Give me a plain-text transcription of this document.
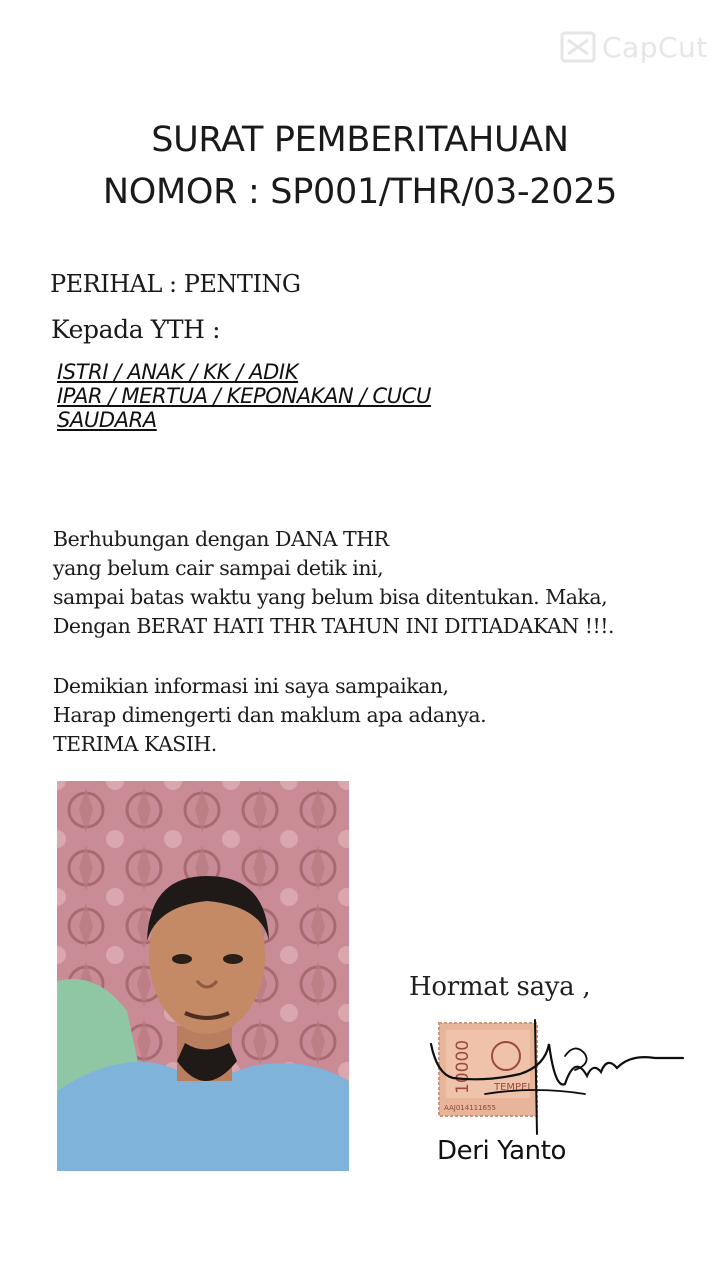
CapCut
SURAT PEMBERITAHUAN
NOMOR : SP001/THR/03-2025
PERIHAL : PENTING
Kepada YTH :
ISTRI / ANAK / KK / ADIK
IPAR / MERTUA / KEPONAKAN / CUCU
SAUDARA
Berhubungan dengan DANA THR
yang belum cair sampai detik ini,
sampai batas waktu yang belum bisa ditentukan. Maka,
Dengan BERAT HATI THR TAHUN INI DITIADAKAN !!!.
Demikian informasi ini saya sampaikan,
Harap dimengerti dan maklum apa adanya.
TERIMA KASIH.
Hormat saya ,
10000 TEMPEL
AAJ014111655
Deri Yanto
